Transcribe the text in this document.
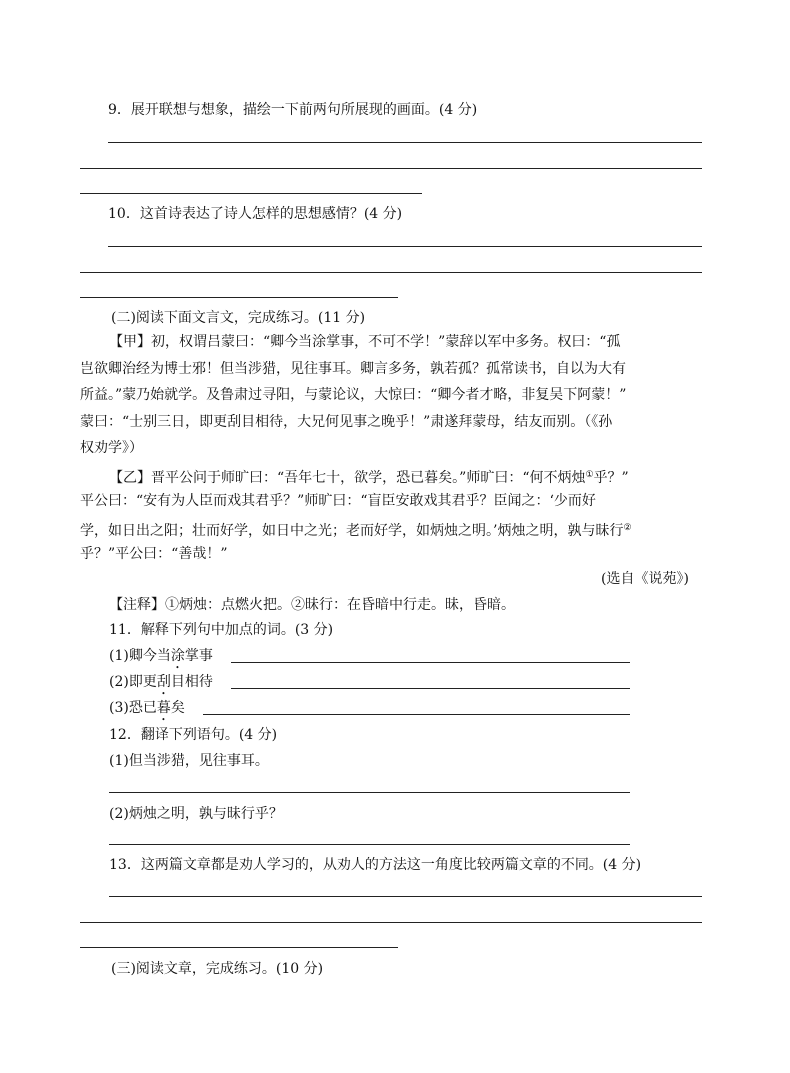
9．展开联想与想象，描绘一下前两句所展现的画面。(4 分)
10．这首诗表达了诗人怎样的思想感情？(4 分)
(二)阅读下面文言文，完成练习。(11 分)
【甲】初，权谓吕蒙曰：“卿今当涂掌事，不可不学！”蒙辞以军中多务。权曰：“孤
岂欲卿治经为博士邪！但当涉猎，见往事耳。卿言多务，孰若孤？孤常读书，自以为大有
所益。”蒙乃始就学。及鲁肃过寻阳，与蒙论议，大惊曰：“卿今者才略，非复吴下阿蒙！”
蒙曰：“士别三日，即更刮目相待，大兄何见事之晚乎！”肃遂拜蒙母，结友而别。（《孙
权劝学》）
【乙】晋平公问于师旷曰：“吾年七十，欲学，恐已暮矣。”师旷曰：“何不炳烛①乎？”
平公曰：“安有为人臣而戏其君乎？”师旷曰：“盲臣安敢戏其君乎？臣闻之：‘少而好
学，如日出之阳；壮而好学，如日中之光；老而好学，如炳烛之明。’炳烛之明，孰与昧行②
乎？”平公曰：“善哉！”
(选自《说苑》)
【注释】①炳烛：点燃火把。②昧行：在昏暗中行走。昧，昏暗。
11．解释下列句中加点的词。(3 分)
(1)卿今当涂掌事
(2)即更刮目相待
(3)恐已暮矣
12．翻译下列语句。(4 分)
(1)但当涉猎，见往事耳。
(2)炳烛之明，孰与昧行乎？
13．这两篇文章都是劝人学习的，从劝人的方法这一角度比较两篇文章的不同。(4 分)
(三)阅读文章，完成练习。(10 分)
